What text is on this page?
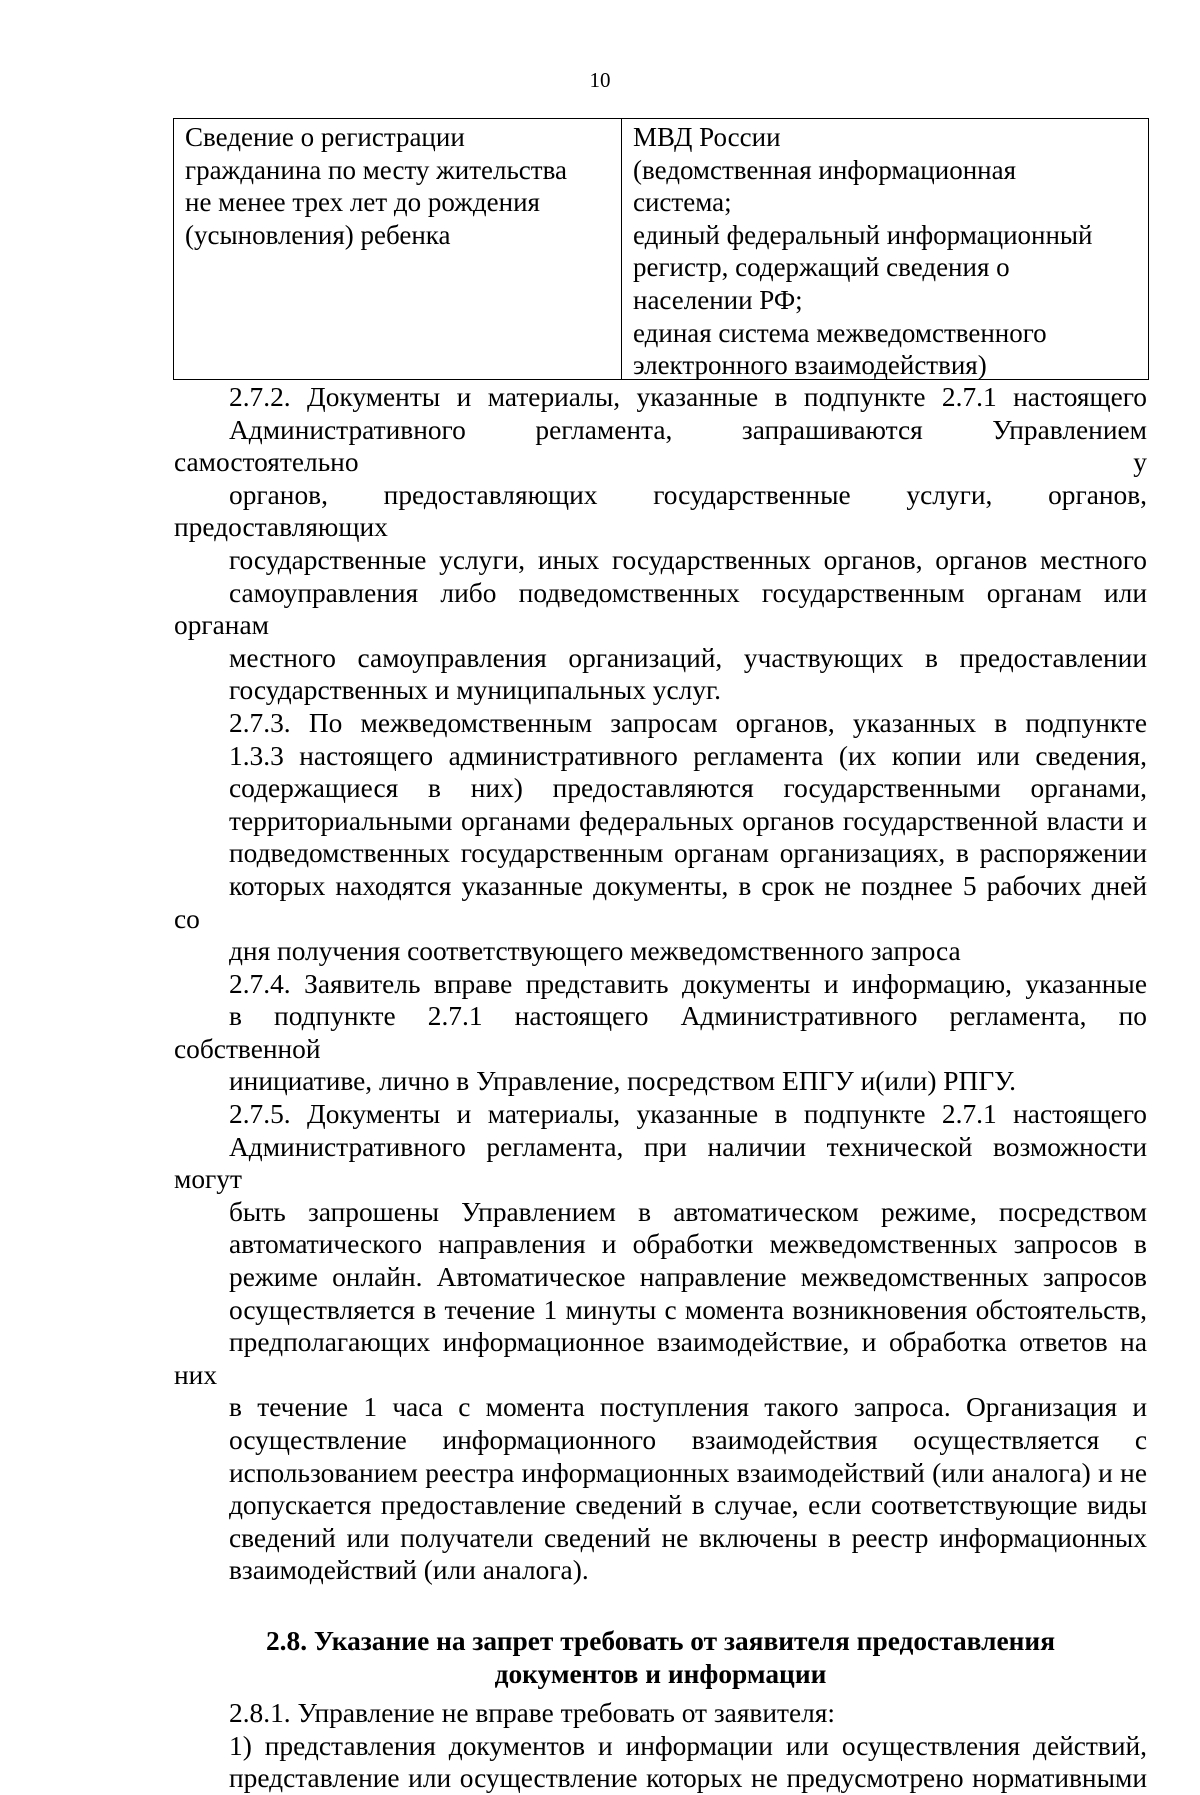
10
Сведение о регистрации
гражданина по месту жительства
не менее трех лет до рождения
(усыновления) ребенка
МВД России
(ведомственная информационная
система;
единый федеральный информационный
регистр, содержащий сведения о
населении РФ;
единая система межведомственного
электронного взаимодействия)

2.7.2. Документы и материалы, указанные в подпункте 2.7.1 настоящего
Административного регламента, запрашиваются Управлением самостоятельно у
органов, предоставляющих государственные услуги, органов, предоставляющих
государственные услуги, иных государственных органов, органов местного
самоуправления либо подведомственных государственным органам или органам
местного самоуправления организаций, участвующих в предоставлении
государственных и муниципальных услуг.

2.7.3. По межведомственным запросам органов, указанных в подпункте
1.3.3 настоящего административного регламента (их копии или сведения,
содержащиеся в них) предоставляются государственными органами,
территориальными органами федеральных органов государственной власти и
подведомственных государственным органам организациях, в распоряжении
которых находятся указанные документы, в срок не позднее 5 рабочих дней со
дня получения соответствующего межведомственного запроса

2.7.4. Заявитель вправе представить документы и информацию, указанные
в подпункте 2.7.1 настоящего Административного регламента, по собственной
инициативе, лично в Управление, посредством ЕПГУ и(или) РПГУ.

2.7.5. Документы и материалы, указанные в подпункте 2.7.1 настоящего
Административного регламента, при наличии технической возможности могут
быть запрошены Управлением в автоматическом режиме, посредством
автоматического направления и обработки межведомственных запросов в
режиме онлайн. Автоматическое направление межведомственных запросов
осуществляется в течение 1 минуты с момента возникновения обстоятельств,
предполагающих информационное взаимодействие, и обработка ответов на них
в течение 1 часа с момента поступления такого запроса. Организация и
осуществление информационного взаимодействия осуществляется с
использованием реестра информационных взаимодействий (или аналога) и не
допускается предоставление сведений в случае, если соответствующие виды
сведений или получатели сведений не включены в реестр информационных
взаимодействий (или аналога).

2.8. Указание на запрет требовать от заявителя предоставления
документов и информации

2.8.1. Управление не вправе требовать от заявителя:

1) представления документов и информации или осуществления действий,
представление или осуществление которых не предусмотрено нормативными
